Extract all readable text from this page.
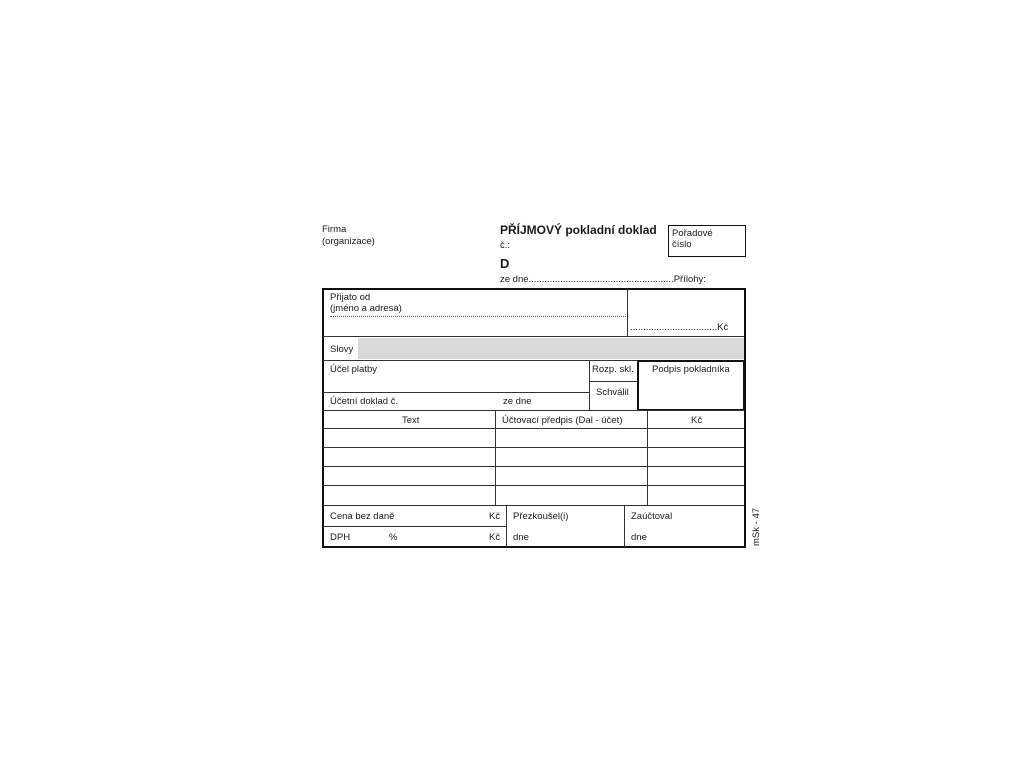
Firma
(organizace)
PŘÍJMOVÝ pokladní doklad
č.:
D
ze dne.......................................................Přílohy:
Pořadové
číslo
Přijato od
(jméno a adresa)
.................................Kč
Slovy
Účel platby	Rozp. skl.
Schválil
Podpis pokladníka
Účetní doklad č.	ze dne
Text	Účtovací předpis (Dal - účet)	Kč
Cena bez daně	Kč
DPH	%	Kč
Přezkoušel(i)
dne
Zaúčtoval
dne	mSk - 47
